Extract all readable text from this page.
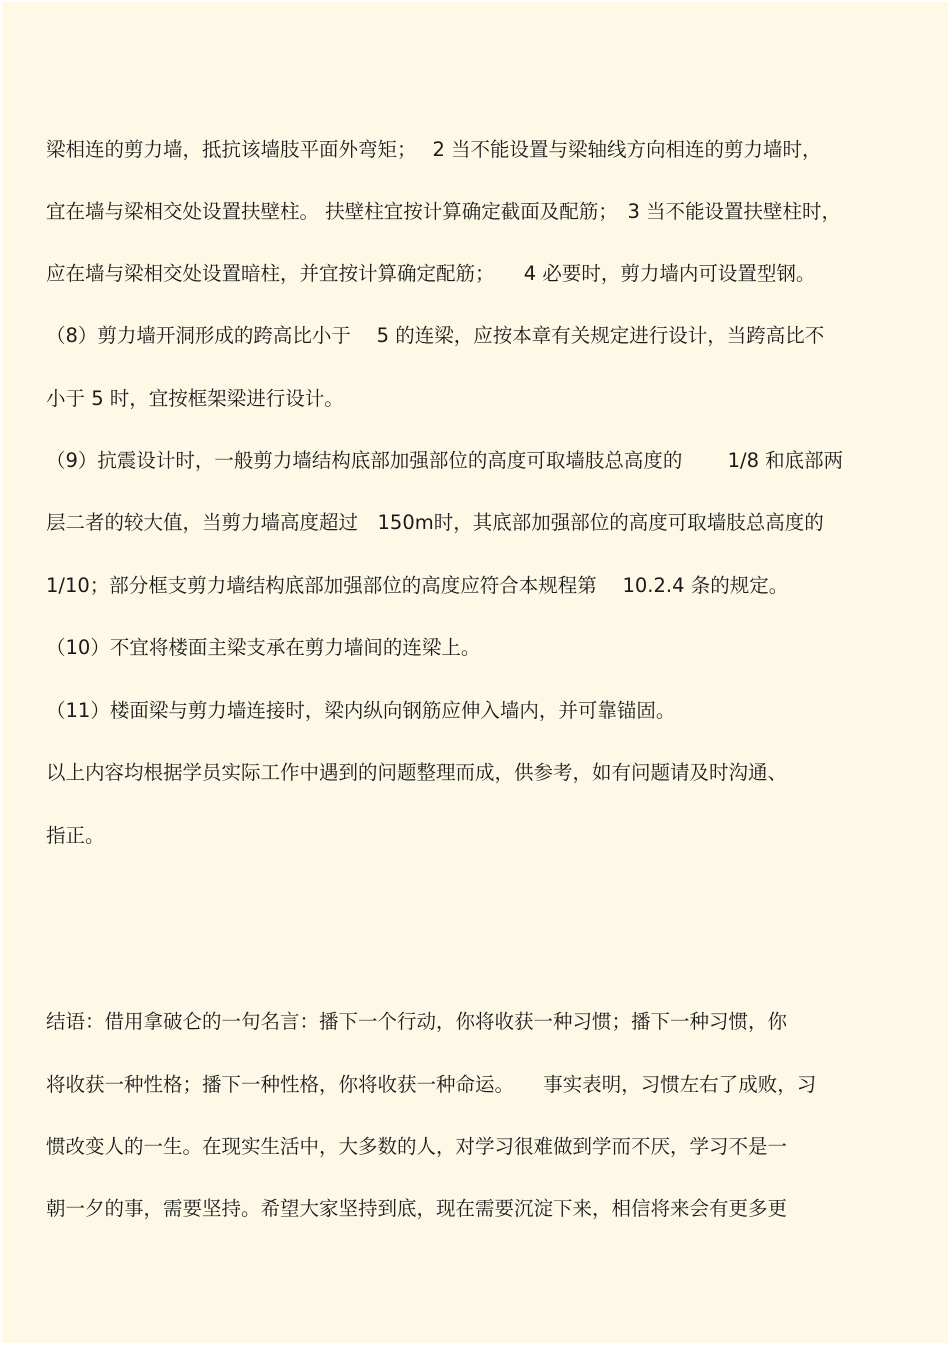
梁相连的剪力墙，抵抗该墙肢平面外弯矩；　 2 当不能设置与梁轴线方向相连的剪力墙时，
宜在墙与梁相交处设置扶壁柱。 扶壁柱宜按计算确定截面及配筋；　3 当不能设置扶壁柱时，
应在墙与梁相交处设置暗柱，并宜按计算确定配筋；　　4 必要时，剪力墙内可设置型钢。
（8）剪力墙开洞形成的跨高比小于　 5 的连梁，应按本章有关规定进行设计，当跨高比不
小于 5 时，宜按框架梁进行设计。
（9）抗震设计时，一般剪力墙结构底部加强部位的高度可取墙肢总高度的　　 1/8 和底部两
层二者的较大值，当剪力墙高度超过　150m时，其底部加强部位的高度可取墙肢总高度的
1/10；部分框支剪力墙结构底部加强部位的高度应符合本规程第　 10.2.4 条的规定。
（10）不宜将楼面主梁支承在剪力墙间的连梁上。
（11）楼面梁与剪力墙连接时，梁内纵向钢筋应伸入墙内，并可靠锚固。
以上内容均根据学员实际工作中遇到的问题整理而成，供参考，如有问题请及时沟通、
指正。
结语：借用拿破仑的一句名言：播下一个行动，你将收获一种习惯；播下一种习惯，你
将收获一种性格；播下一种性格，你将收获一种命运。　　事实表明，习惯左右了成败，习
惯改变人的一生。在现实生活中，大多数的人，对学习很难做到学而不厌，学习不是一
朝一夕的事，需要坚持。希望大家坚持到底，现在需要沉淀下来，相信将来会有更多更
